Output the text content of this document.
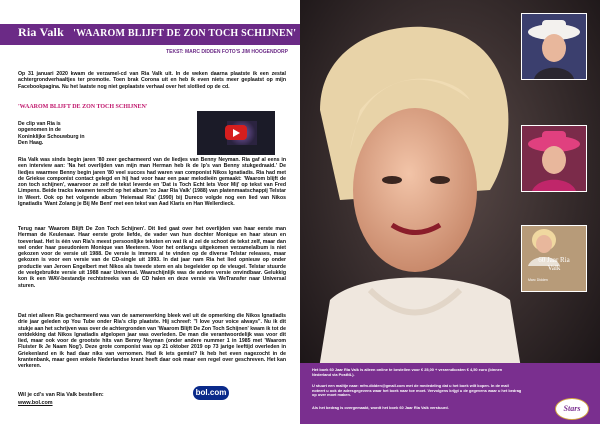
Ria Valk 'WAAROM BLIJFT DE ZON TOCH SCHIJNEN'
TEKST: MARC DIDDEN FOTO'S JIM HOOGENDORP

Op 31 januari 2020 kwam de verzamel-cd van Ria Valk uit. In de weken daarna plaatste ik een zestal achtergrondverhaaltjes ter promotie. Toen brak Corona uit en heb ik even niets meer geplaatst op mijn Facebookpagina. Nu het laatste nog niet geplaatste verhaal over het slotlied op de cd.

'WAAROM BLIJFT DE ZON TOCH SCHIJNEN'

De clip van Ria is opgenomen in de Koninklijke Schouwburg in Den Haag.

Ria Valk was sinds begin jaren '80 zeer gecharmeerd van de liedjes van Benny Neyman. Ria gaf al eens in een interview aan: 'Na het overlijden van mijn man Herman heb ik de lp's van Benny stukgedraaid.' De liedjes waarmee Benny begin jaren '80 veel succes had waren van componist Nikos Ignatiadis. Ria had met de Griekse componist contact gelegd en hij had voor haar een paar melodieën gemaakt: 'Waarom blijft de zon toch schijnen', waarvoor ze zelf de tekst leverde en 'Dat is Toch Echt Iets Voor Mij' op tekst van Fred Limpens. Beide tracks kwamen terecht op het album 'zo Jaar Ria Valk' (1988) van platenmaatschappij Telstar in Weert. Ook op het volgende album 'Heiemaal Ria' (1990) bij Dureco volgde nog een lied van Nikos Ignatiadis 'Want Zolang je Bij Me Bent' met een tekst van Aad Klaris en Han Wellerdieck.

Terug naar 'Waarom Blijft De Zon Toch Schijnen'. Dit lied gaat over het overlijden van haar eerste man Herman de Keulenaar. Haar eerste grote liefde, de vader van hun dochter Monique en haar steun en toeverlaat. Het is één van Ria's meest persoonlijke teksten en wat ik al zei de schoot de tekst zelf, maar dan wel onder haar pseudoniem Monique van Meeteren. Voor het ontlangs uitgekomen verzamelalbum is niet gekozen voor de versie uit 1988. De versie is immers al te vinden op de diverse Telstar releases, maar gekozen is voor een versie van de CD-single uit 1993. In dat jaar nam Ria het lied opnieuw op onder productie van Jeroen Engelbert met Nikos als tweede stem en als begeleider op de vleugel. Telstar stuurde de veelgebruikte versie uit 1988 naar Universal. Waarschijnlijk was de andere versie onvindbaar. Gelukkig kon ik een WAV-bestandje rechtstreeks van de CD halen en deze versie via WeTransfer naar Universal sturen.

Dat niet alleen Ria gecharmeerd was van de samenwerking bleek wel uit de opmerking die Nikos Ignatiadis drie jaar geleden op You Tube onder Ria's clip plaatste. Hij schreef: "I love your voice always". Nu ik dit stukje aan het schrijven was over de achtergronden van 'Waarom Blijft De Zon Toch Schijnen' kwam ik tot de ontdekking dat Nikos Ignatiadis afgelopen jaar was overleden. De man die verantwoordelijk was voor dit lied, maar ook voor de grootste hits van Benny Neyman (onder andere nummer 1 in 1985 met 'Waarom Fluister Ik Je Naam Nog'). Deze grote componist was op 21 oktober 2019 op 73 jarige leeftijd overleden in Griekenland en ik had daar niks van vernomen. Had ik iets gemist? Ik heb het even nagezocht in de krantenbank, maar geen enkele Nederlandse krant heeft daar ook maar een regel over geschreven. Het kan verkeren.

Wil je cd's van Ria Valk bestellen:
www.bol.com
bol.com
60 Jaar Ria Valk
Marc Didden

Het boek 60 Jaar Ria Valk is alleen online te bestellen voor € 25,00 + verzendkosten € 4,50 euro (binnen Nederland via PostNL).

U stuurt een mailtje naar: mfm.didden@gmail.com met de mededeling dat u het boek wilt kopen. In de mail noteert u ook de adresgegevens waar het boek naar toe moet. Vervolgens krijgt u de gegevens waar u het bedrag op over moet maken.

Als het bedrag is overgemaakt, wordt het boek 60 Jaar Ria Valk verstuurd.	Stars
